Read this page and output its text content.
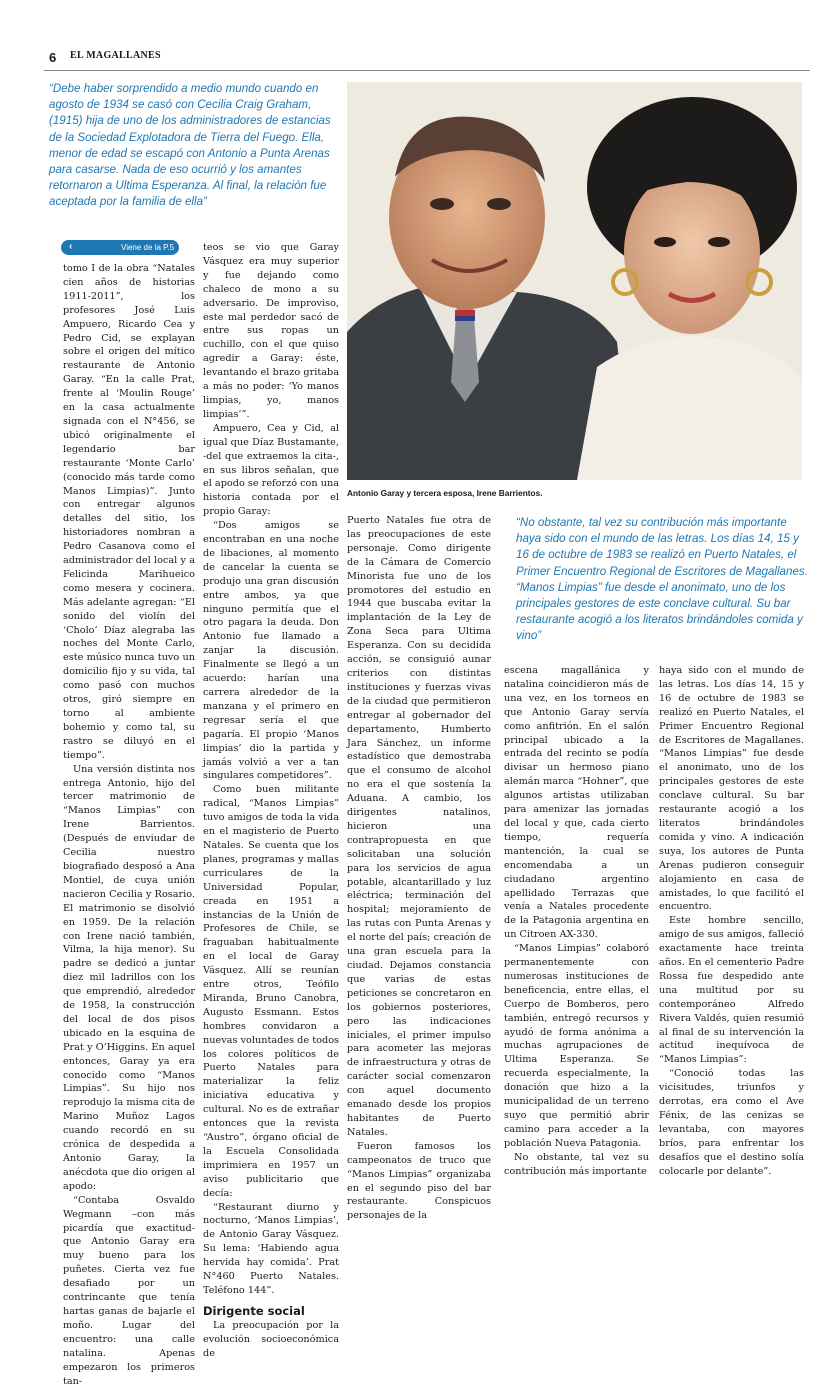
6 EL MAGALLANES
“Debe haber sorprendido a medio mundo cuando en agosto de 1934 se casó con Cecilia Craig Graham, (1915) hija de uno de los administradores de estancias de la Sociedad Explotadora de Tierra del Fuego. Ella, menor de edad se escapó con Antonio a Punta Arenas para casarse. Nada de eso ocurrió y los amantes retornaron a Ultima Esperanza. Al final, la relación fue aceptada por la familia de ella”
Antonio Garay y tercera esposa, Irene Barrientos.
‹	Viene de la P.5

tomo I de la obra “Natales cien años de historias 1911-2011”, los profesores José Luis Ampuero, Ricardo Cea y Pedro Cid, se explayan sobre el origen del mítico restaurante de Antonio Garay. “En la calle Prat, frente al ‘Moulin Rouge’ en la casa actualmente signada con el N°456, se ubicó originalmente el legendario bar restaurante ‘Monte Carlo’ (conocido más tarde como Manos Limpias)”. Junto con entregar algunos detalles del sitio, los historiadores nombran a Pedro Casanova como el administrador del local y a Felicinda Marihueico como mesera y cocinera. Más adelante agregan: “El sonido del violín del ‘Cholo’ Díaz alegraba las noches del Monte Carlo, este músico nunca tuvo un domicilio fijo y su vida, tal como pasó con muchos otros, giró siempre en torno al ambiente bohemio y como tal, su rastro se diluyó en el tiempo”.

Una versión distinta nos entrega Antonio, hijo del tercer matrimonio de “Manos Limpias” con Irene Barrientos. (Después de enviudar de Cecilia nuestro biografiado desposó a Ana Montiel, de cuya unión nacieron Cecilia y Rosario. El matrimonio se disolvió en 1959. De la relación con Irene nació también, Vilma, la hija menor). Su padre se dedicó a juntar diez mil ladrillos con los que emprendió, alrededor de 1958, la construcción del local de dos pisos ubicado en la esquina de Prat y O’Higgins. En aquel entonces, Garay ya era conocido como “Manos Limpias”. Su hijo nos reprodujo la misma cita de Marino Muñoz Lagos cuando recordó en su crónica de despedida a Antonio Garay, la anécdota que dio origen al apodo:

“Contaba Osvaldo Wegmann –con más picardía que exactitud- que Antonio Garay era muy bueno para los puñetes. Cierta vez fue desafiado por un contrincante que tenía hartas ganas de bajarle el moño. Lugar del encuentro: una calle natalina. Apenas empezaron los primeros tan-

teos se vio que Garay Vásquez era muy superior y fue dejando como chaleco de mono a su adversario. De improviso, este mal perdedor sacó de entre sus ropas un cuchillo, con el que quiso agredir a Garay: éste, levantando el brazo gritaba a más no poder: ‘Yo manos limpias, yo, manos limpias’”.

Ampuero, Cea y Cid, al igual que Díaz Bustamante, -del que extraemos la cita-, en sus libros señalan, que el apodo se reforzó con una historia contada por el propio Garay:

“Dos amigos se encontraban en una noche de libaciones, al momento de cancelar la cuenta se produjo una gran discusión entre ambos, ya que ninguno permitía que el otro pagara la deuda. Don Antonio fue llamado a zanjar la discusión. Finalmente se llegó a un acuerdo: harían una carrera alrededor de la manzana y el primero en regresar sería el que pagaría. El propio ‘Manos limpias’ dio la partida y jamás volvió a ver a tan singulares competidores”.

Como buen militante radical, “Manos Limpias” tuvo amigos de toda la vida en el magisterio de Puerto Natales. Se cuenta que los planes, programas y mallas curriculares de la Universidad Popular, creada en 1951 a instancias de la Unión de Profesores de Chile, se fraguaban habitualmente en el local de Garay Vásquez. Allí se reunían entre otros, Teófilo Miranda, Bruno Canobra, Augusto Essmann. Estos hombres convidaron a nuevas voluntades de todos los colores políticos de Puerto Natales para materializar la feliz iniciativa educativa y cultural. No es de extrañar entonces que la revista “Austro”, órgano oficial de la Escuela Consolidada imprimiera en 1957 un aviso publicitario que decía:

“Restaurant diurno y nocturno, ‘Manos Limpias’, de Antonio Garay Vásquez. Su lema: ‘Habiendo agua hervida hay comida’. Prat N°460 Puerto Natales. Teléfono 144”.

Dirigente social

La preocupación por la evolución socioeconómica de

Puerto Natales fue otra de las preocupaciones de este personaje. Como dirigente de la Cámara de Comercio Minorista fue uno de los promotores del estudio en 1944 que buscaba evitar la implantación de la Ley de Zona Seca para Ultima Esperanza. Con su decidida acción, se consiguió aunar criterios con distintas instituciones y fuerzas vivas de la ciudad que permitieron entregar al gobernador del departamento, Humberto Jara Sánchez, un informe estadístico que demostraba que el consumo de alcohol no era el que sostenía la Aduana. A cambio, los dirigentes natalinos, hicieron una contrapropuesta en que solicitaban una solución para los servicios de agua potable, alcantarillado y luz eléctrica; terminación del hospital; mejoramiento de las rutas con Punta Arenas y el norte del país; creación de una gran escuela para la ciudad. Dejamos constancia que varias de estas peticiones se concretaron en los gobiernos posteriores, pero las indicaciones iniciales, el primer impulso para acometer las mejoras de infraestructura y otras de carácter social comenzaron con aquel documento emanado desde los propios habitantes de Puerto Natales.

Fueron famosos los campeonatos de truco que “Manos Limpias” organizaba en el segundo piso del bar restaurante. Conspicuos personajes de la

“No obstante, tal vez su contribución más importante haya sido con el mundo de las letras. Los días 14, 15 y 16 de octubre de 1983 se realizó en Puerto Natales, el Primer Encuentro Regional de Escritores de Magallanes. “Manos Limpias” fue desde el anonimato, uno de los principales gestores de este conclave cultural. Su bar restaurante acogió a los literatos brindándoles comida y vino”

escena magallánica y natalina coincidieron más de una vez, en los torneos en que Antonio Garay servía como anfitrión. En el salón principal ubicado a la entrada del recinto se podía divisar un hermoso piano alemán marca “Hohner”, que algunos artistas utilizaban para amenizar las jornadas del local y que, cada cierto tiempo, requería mantención, la cual se encomendaba a un ciudadano argentino apellidado Terrazas que venía a Natales procedente de la Patagonia argentina en un Citroen AX-330.

“Manos Limpias” colaboró permanentemente con numerosas instituciones de beneficencia, entre ellas, el Cuerpo de Bomberos, pero también, entregó recursos y ayudó de forma anónima a muchas agrupaciones de Ultima Esperanza. Se recuerda especialmente, la donación que hizo a la municipalidad de un terreno suyo que permitió abrir camino para acceder a la población Nueva Patagonia.

No obstante, tal vez su contribución más importante

haya sido con el mundo de las letras. Los días 14, 15 y 16 de octubre de 1983 se realizó en Puerto Natales, el Primer Encuentro Regional de Escritores de Magallanes. “Manos Limpias” fue desde el anonimato, uno de los principales gestores de este conclave cultural. Su bar restaurante acogió a los literatos brindándoles comida y vino. A indicación suya, los autores de Punta Arenas pudieron conseguir alojamiento en casa de amistades, lo que facilitó el encuentro.

Este hombre sencillo, amigo de sus amigos, falleció exactamente hace treinta años. En el cementerio Padre Rossa fue despedido ante una multitud por su contemporáneo Alfredo Rivera Valdés, quien resumió al final de su intervención la actitud inequívoca de “Manos Limpias”:

“Conoció todas las vicisitudes, triunfos y derrotas, era como el Ave Fénix, de las cenizas se levantaba, con mayores bríos, para enfrentar los desafíos que el destino solía colocarle por delante”.
